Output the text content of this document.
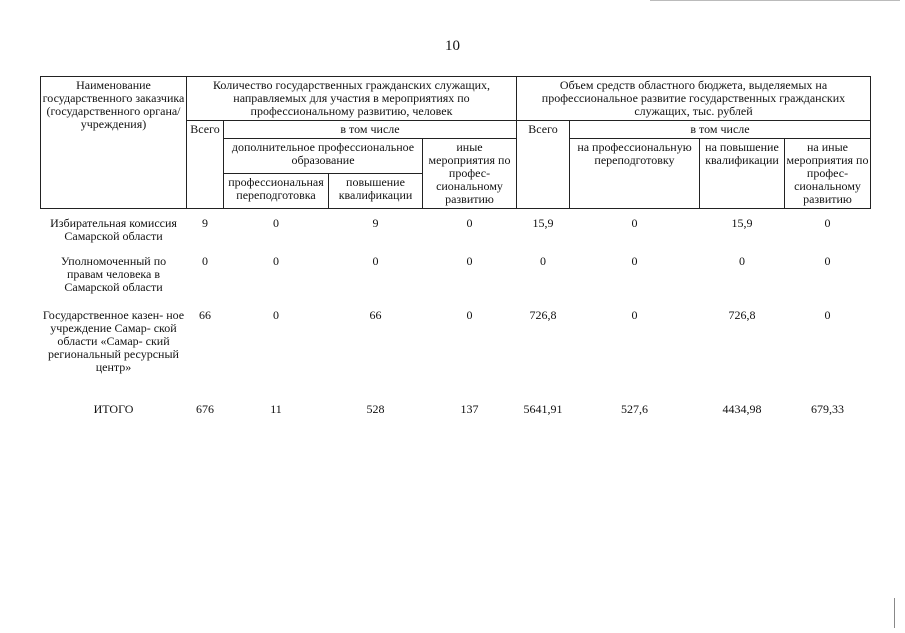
10
Наименование государственного заказчика (государственного органа/учреждения)	Количество государственных гражданских служащих, направляемых для участия в мероприятиях по профессиональному развитию, человек				Объем средств областного бюджета, выделяемых на профессиональное развитие государственных гражданских служащих, тыс. рублей			
	Всего	в том числе			Всего	в том числе		
		дополнительное профессиональное образование		иные мероприятия по профес- сиональному развитию		на профессиональную переподготовку	на повышение квалификации	на иные мероприятия по профес- сиональному развитию
		профессиональная переподготовка	повышение квалификации					
Избирательная комиссия Самарской области	9	0	9	0	15,9	0	15,9	0
Уполномоченный по правам человека в Самарской области	0	0	0	0	0	0	0	0
Государственное казен- ное учреждение Самар- ской области «Самар- ский региональный ресурсный центр»	66	0	66	0	726,8	0	726,8	0
ИТОГО	676	11	528	137	5641,91	527,6	4434,98	679,33
